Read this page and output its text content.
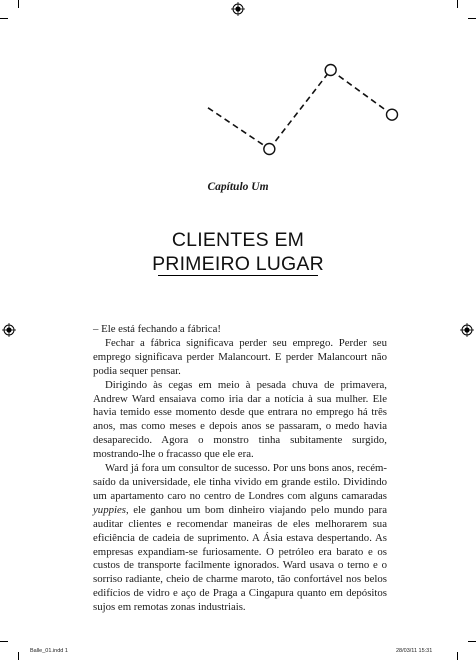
Capítulo Um
CLIENTES EM
PRIMEIRO LUGAR

– Ele está fechando a fábrica!

Fechar a fábrica significava perder seu emprego. Perder seu emprego significava perder Malancourt. E perder Malancourt não podia sequer pensar.

Dirigindo às cegas em meio à pesada chuva de primavera, Andrew Ward ensaiava como iria dar a notícia à sua mulher. Ele havia temido esse momento desde que entrara no emprego há três anos, mas como meses e depois anos se passaram, o medo havia desaparecido. Agora o monstro tinha subitamente surgido, mostrando-lhe o fracasso que ele era.

Ward já fora um consultor de sucesso. Por uns bons anos, recém-saído da universidade, ele tinha vivido em grande estilo. Dividindo um apartamento caro no centro de Londres com alguns camaradas yuppies, ele ganhou um bom dinheiro viajando pelo mundo para auditar clientes e recomendar maneiras de eles melhorarem sua eficiência de cadeia de suprimento. A Ásia estava despertando. As empresas expandiam-se furiosamente. O petróleo era barato e os custos de transporte facilmente ignorados. Ward usava o terno e o sorriso radiante, cheio de charme maroto, tão confortável nos belos edifícios de vidro e aço de Praga a Cingapura quanto em depósitos sujos em remotas zonas industriais.

Balle_01.indd 1	28/03/11 15:31
